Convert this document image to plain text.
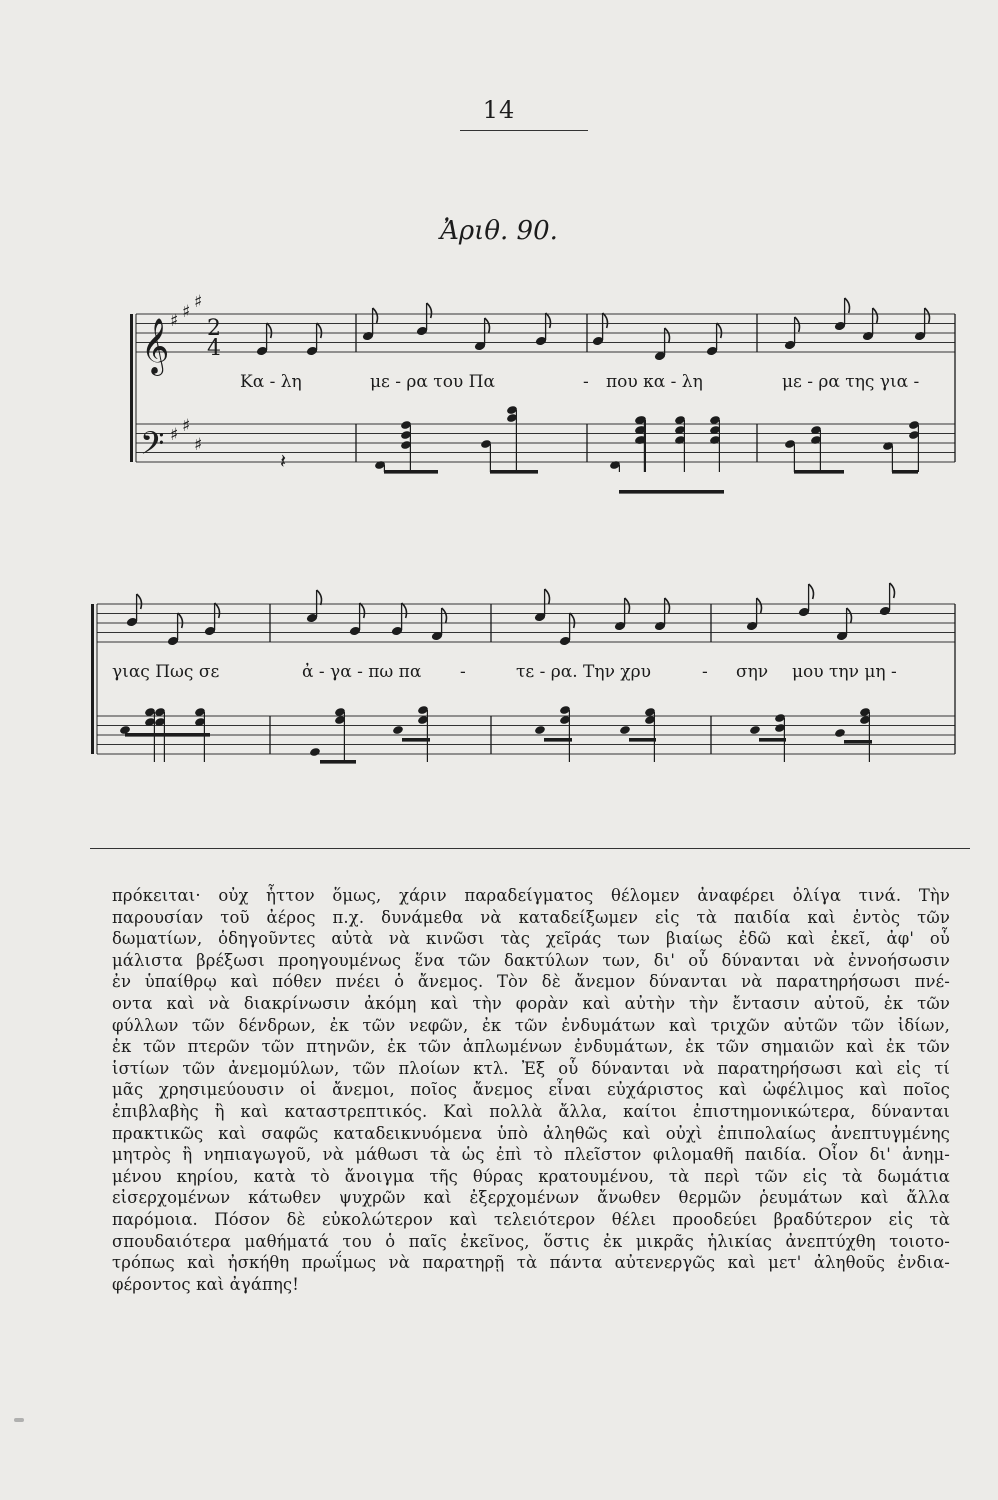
14
Ἀριθ. 90.
Κα - λη	με - ρα του Πα	- που κα - λη	με - ρα της για -
𝄞 ♯ ♯ ♯
2
4
𝄢 ♯ ♯
♯
𝄽
γιας Πως σε	ἀ - γα - πω πα -	τε - ρα. Την χρυ	- σην μου την μη -
πρόκειται· οὐχ ἧττον ὅμως, χάριν παραδείγματος θέλομεν ἀναφέρει ὀλίγα τινά. Τὴν
παρουσίαν τοῦ ἀέρος π.χ. δυνάμεθα νὰ καταδείξωμεν εἰς τὰ παιδία καὶ ἐντὸς τῶν
δωματίων, ὁδηγοῦντες αὐτὰ νὰ κινῶσι τὰς χεῖράς των βιαίως ἐδῶ καὶ ἐκεῖ, ἀφ' οὗ
μάλιστα βρέξωσι προηγουμένως ἕνα τῶν δακτύλων των, δι' οὗ δύνανται νὰ ἐννοήσωσιν
ἐν ὑπαίθρῳ καὶ πόθεν πνέει ὁ ἄνεμος. Τὸν δὲ ἄνεμον δύνανται νὰ παρατηρήσωσι πνέ-
οντα καὶ νὰ διακρίνωσιν ἀκόμη καὶ τὴν φορὰν καὶ αὐτὴν τὴν ἔντασιν αὐτοῦ, ἐκ τῶν
φύλλων τῶν δένδρων, ἐκ τῶν νεφῶν, ἐκ τῶν ἐνδυμάτων καὶ τριχῶν αὐτῶν τῶν ἰδίων,
ἐκ τῶν πτερῶν τῶν πτηνῶν, ἐκ τῶν ἁπλωμένων ἐνδυμάτων, ἐκ τῶν σημαιῶν καὶ ἐκ τῶν
ἱστίων τῶν ἀνεμομύλων, τῶν πλοίων κτλ. Ἐξ οὗ δύνανται νὰ παρατηρήσωσι καὶ εἰς τί
μᾶς χρησιμεύουσιν οἱ ἄνεμοι, ποῖος ἄνεμος εἶναι εὐχάριστος καὶ ὠφέλιμος καὶ ποῖος
ἐπιβλαβὴς ἢ καὶ καταστρεπτικός. Καὶ πολλὰ ἄλλα, καίτοι ἐπιστημονικώτερα, δύνανται
πρακτικῶς καὶ σαφῶς καταδεικνυόμενα ὑπὸ ἀληθῶς καὶ οὐχὶ ἐπιπολαίως ἀνεπτυγμένης
μητρὸς ἢ νηπιαγωγοῦ, νὰ μάθωσι τὰ ὡς ἐπὶ τὸ πλεῖστον φιλομαθῆ παιδία. Οἷον δι' ἀνημ-
μένου κηρίου, κατὰ τὸ ἄνοιγμα τῆς θύρας κρατουμένου, τὰ περὶ τῶν εἰς τὰ δωμάτια
εἰσερχομένων κάτωθεν ψυχρῶν καὶ ἐξερχομένων ἄνωθεν θερμῶν ῥευμάτων καὶ ἄλλα
παρόμοια. Πόσον δὲ εὐκολώτερον καὶ τελειότερον θέλει προοδεύει βραδύτερον εἰς τὰ
σπουδαιότερα μαθήματά του ὁ παῖς ἐκεῖνος, ὅστις ἐκ μικρᾶς ἡλικίας ἀνεπτύχθη τοιοτο-
τρόπως καὶ ἠσκήθη πρωΐμως νὰ παρατηρῇ τὰ πάντα αὐτενεργῶς καὶ μετ' ἀληθοῦς ἐνδια-
φέροντος καὶ ἀγάπης!
